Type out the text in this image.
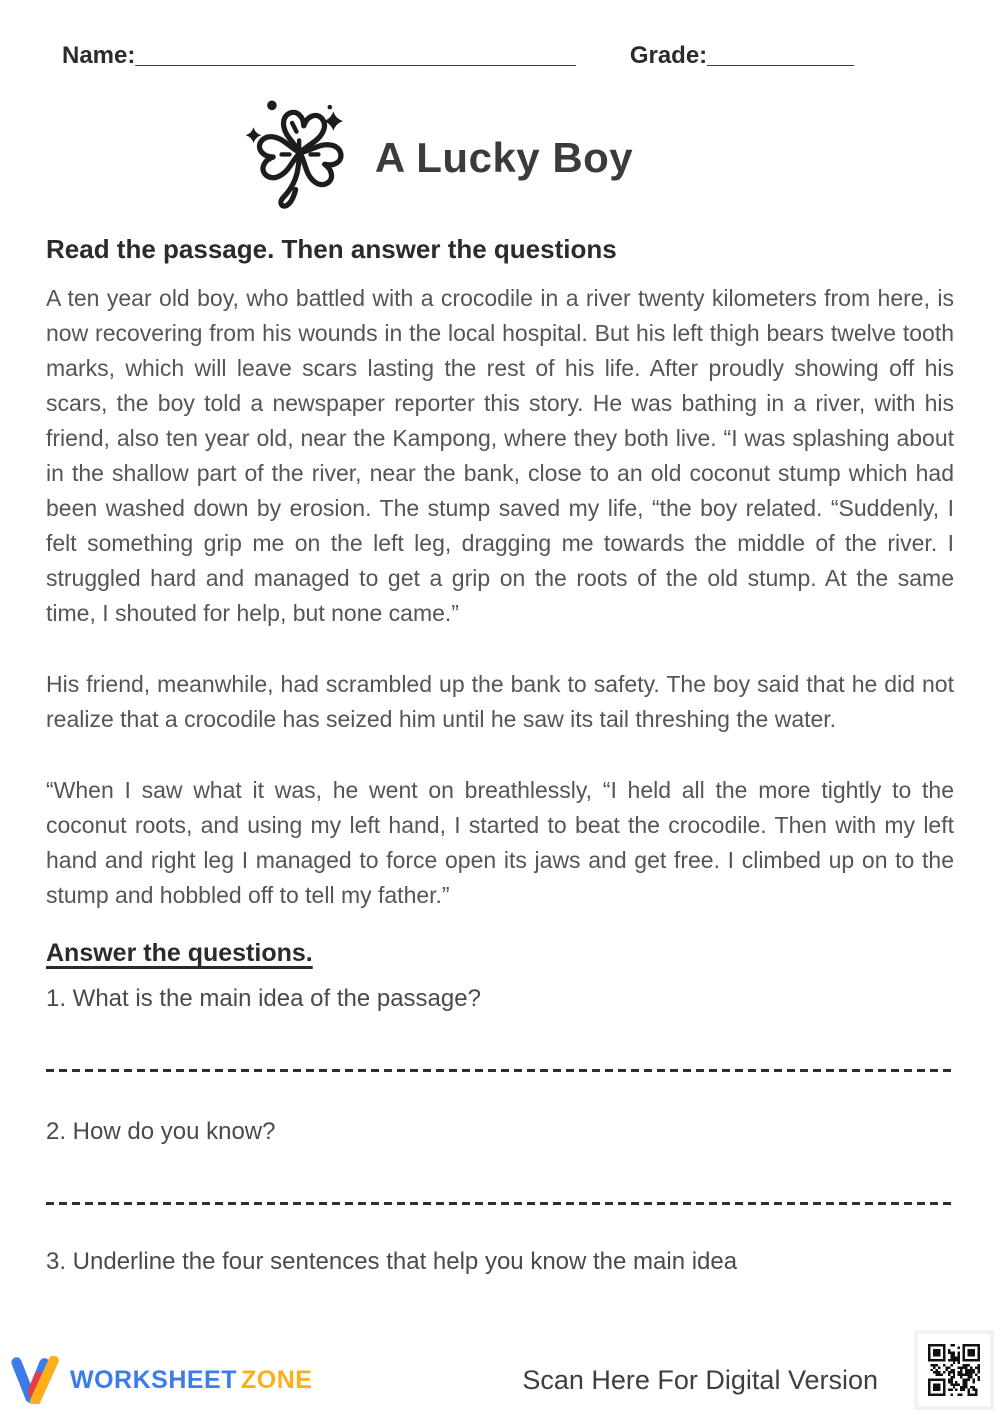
Name:_________________________________ Grade:___________
A Lucky Boy
Read the passage. Then answer the questions

A ten year old boy, who battled with a crocodile in a river twenty kilometers from here, is now recovering from his wounds in the local hospital. But his left thigh bears twelve tooth marks, which will leave scars lasting the rest of his life. After proudly showing off his scars, the boy told a newspaper reporter this story. He was bathing in a river, with his friend, also ten year old, near the Kampong, where they both live. “I was splashing about in the shallow part of the river, near the bank, close to an old coconut stump which had been washed down by erosion. The stump saved my life, “the boy related. “Suddenly, I felt something grip me on the left leg, dragging me towards the middle of the river. I struggled hard and managed to get a grip on the roots of the old stump. At the same time, I shouted for help, but none came.”

His friend, meanwhile, had scrambled up the bank to safety. The boy said that he did not realize that a crocodile has seized him until he saw its tail threshing the water.

“When I saw what it was, he went on breathlessly, “I held all the more tightly to the coconut roots, and using my left hand, I started to beat the crocodile. Then with my left hand and right leg I managed to force open its jaws and get free. I climbed up on to the stump and hobbled off to tell my father.”

Answer the questions.
1. What is the main idea of the passage?
2. How do you know?
3. Underline the four sentences that help you know the main idea
WORKSHEET ZONE	Scan Here For Digital Version
